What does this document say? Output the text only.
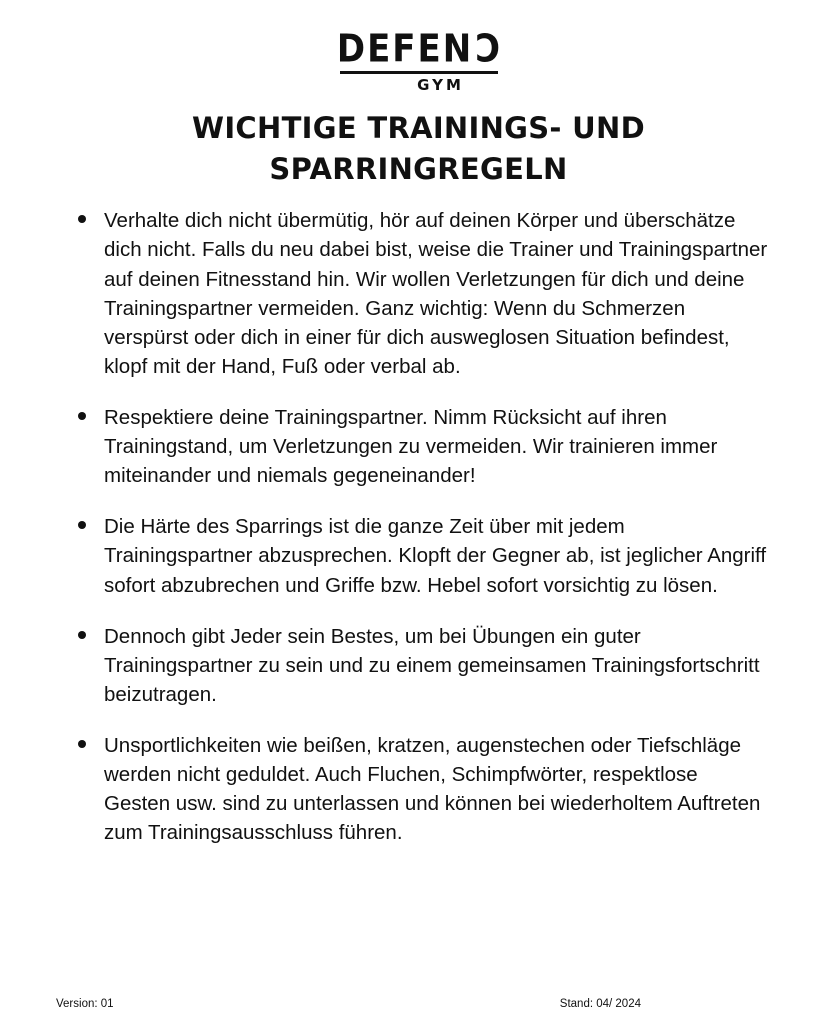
DEFENC
GYM
WICHTIGE TRAININGS- UND SPARRINGREGELN
Verhalte dich nicht übermütig, hör auf deinen Körper und überschätze dich nicht. Falls du neu dabei bist, weise die Trainer und Trainingspartner auf deinen Fitnesstand hin. Wir wollen Verletzungen für dich und deine Trainingspartner vermeiden. Ganz wichtig: Wenn du Schmerzen verspürst oder dich in einer für dich ausweglosen Situation befindest, klopf mit der Hand, Fuß oder verbal ab.
Respektiere deine Trainingspartner. Nimm Rücksicht auf ihren Trainingstand, um Verletzungen zu vermeiden. Wir trainieren immer miteinander und niemals gegeneinander!
Die Härte des Sparrings ist die ganze Zeit über mit jedem Trainingspartner abzusprechen. Klopft der Gegner ab, ist jeglicher Angriff sofort abzubrechen und Griffe bzw. Hebel sofort vorsichtig zu lösen.
Dennoch gibt Jeder sein Bestes, um bei Übungen ein guter Trainingspartner zu sein und zu einem gemeinsamen Trainingsfortschritt beizutragen.
Unsportlichkeiten wie beißen, kratzen, augenstechen oder Tiefschläge werden nicht geduldet. Auch Fluchen, Schimpfwörter, respektlose Gesten usw. sind zu unterlassen und können bei wiederholtem Auftreten zum Trainingsausschluss führen.
Version: 01	Stand: 04/ 2024
